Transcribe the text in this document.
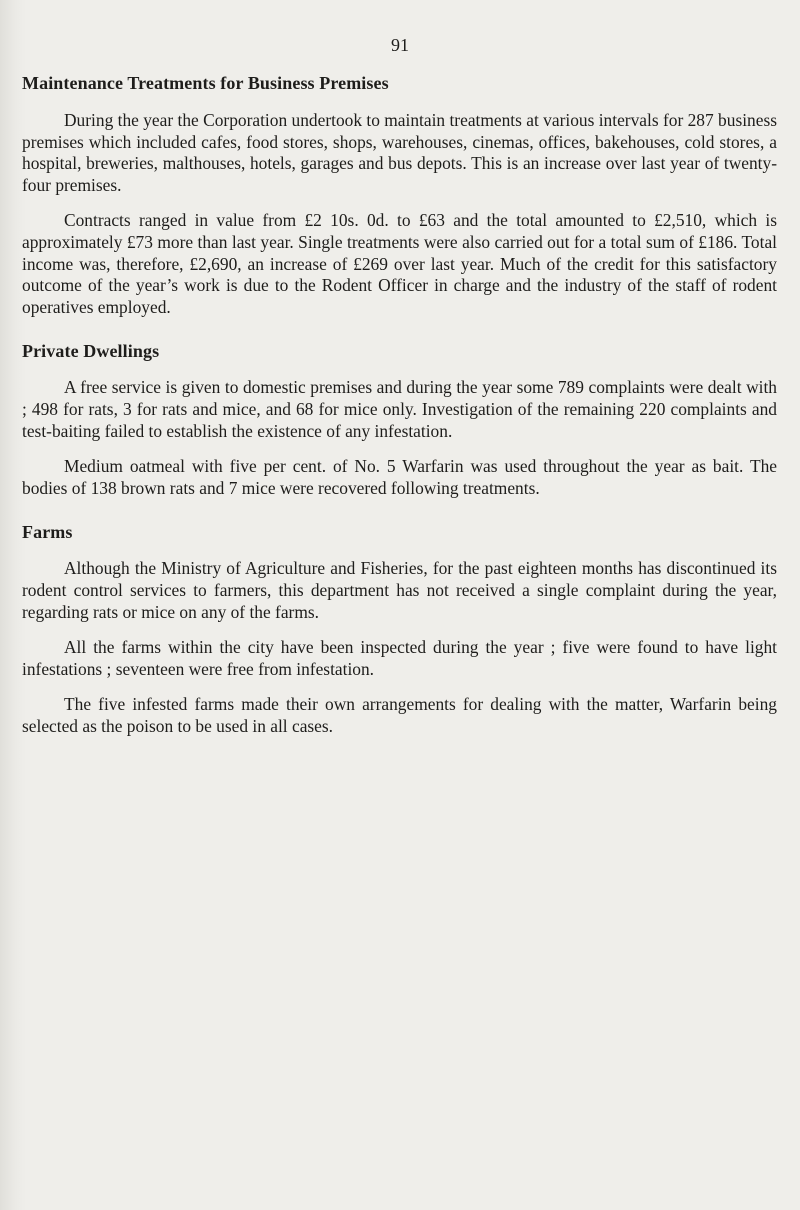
91
Maintenance Treatments for Business Premises

During the year the Corporation undertook to maintain treatments at various intervals for 287 business premises which included cafes, food stores, shops, warehouses, cinemas, offices, bakehouses, cold stores, a hospital, breweries, malthouses, hotels, garages and bus depots. This is an increase over last year of twenty-four premises.

Contracts ranged in value from £2 10s. 0d. to £63 and the total amounted to £2,510, which is approximately £73 more than last year. Single treatments were also carried out for a total sum of £186. Total income was, therefore, £2,690, an increase of £269 over last year. Much of the credit for this satisfactory outcome of the year’s work is due to the Rodent Officer in charge and the industry of the staff of rodent operatives employed.

Private Dwellings

A free service is given to domestic premises and during the year some 789 complaints were dealt with ; 498 for rats, 3 for rats and mice, and 68 for mice only. Investigation of the remaining 220 complaints and test-baiting failed to establish the existence of any infestation.

Medium oatmeal with five per cent. of No. 5 Warfarin was used throughout the year as bait. The bodies of 138 brown rats and 7 mice were recovered following treatments.

Farms

Although the Ministry of Agriculture and Fisheries, for the past eighteen months has discontinued its rodent control services to farmers, this department has not received a single complaint during the year, regarding rats or mice on any of the farms.

All the farms within the city have been inspected during the year ; five were found to have light infestations ; seventeen were free from infestation.

The five infested farms made their own arrangements for dealing with the matter, Warfarin being selected as the poison to be used in all cases.
